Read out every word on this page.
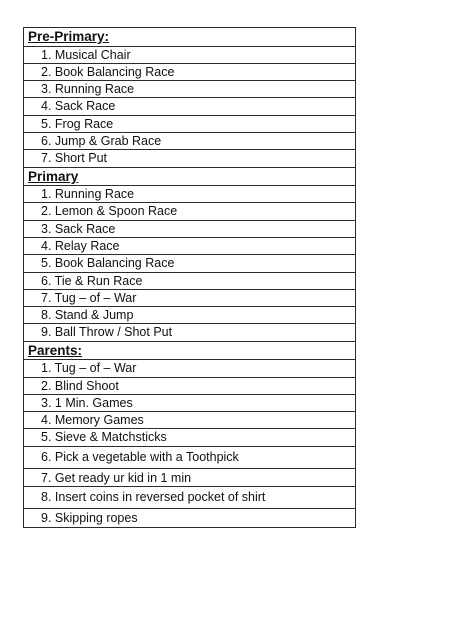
Pre-Primary:
1. Musical Chair
2. Book Balancing Race
3. Running Race
4. Sack Race
5. Frog Race
6. Jump & Grab Race
7. Short Put
Primary
1. Running Race
2. Lemon & Spoon Race
3. Sack Race
4. Relay Race
5. Book Balancing Race
6. Tie & Run Race
7. Tug – of – War
8. Stand & Jump
9. Ball Throw / Shot Put
Parents:
1. Tug – of – War
2. Blind Shoot
3. 1 Min. Games
4. Memory Games
5. Sieve & Matchsticks
6. Pick a vegetable with a Toothpick
7. Get ready ur kid in 1 min
8. Insert coins in reversed pocket of shirt
9. Skipping ropes
